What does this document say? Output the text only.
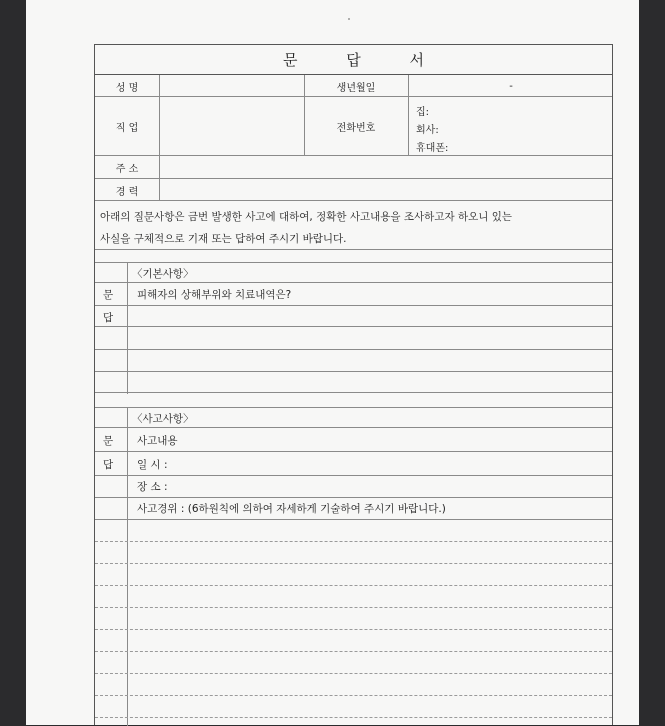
문 답 서
성 명	생년월일	-
직 업	전화번호
집:
회사:
휴대폰:
주 소
경 력
아래의 질문사항은 금번 발생한 사고에 대하여, 정확한 사고내용을 조사하고자 하오니 있는
사실을 구체적으로 기재 또는 답하여 주시기 바랍니다.
〈기본사항〉
문 피해자의 상해부위와 치료내역은?
답
〈사고사항〉
문 사고내용
답 일 시 :
장 소 :
사고경위 : (6하원칙에 의하여 자세하게 기술하여 주시기 바랍니다.)
